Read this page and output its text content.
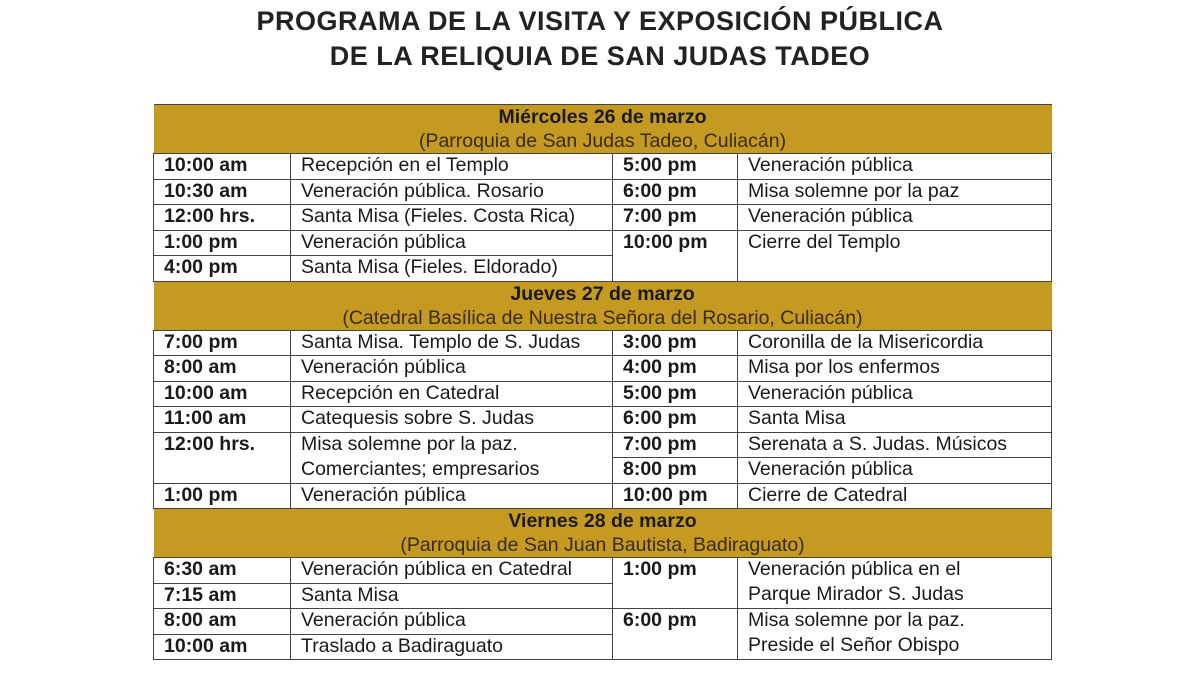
PROGRAMA DE LA VISITA Y EXPOSICIÓN PÚBLICA
DE LA RELIQUIA DE SAN JUDAS TADEO
Miércoles 26 de marzo
(Parroquia de San Judas Tadeo, Culiacán)			

10:00 am	Recepción en el Templo	5:00 pm	Veneración pública
10:30 am	Veneración pública. Rosario	6:00 pm	Misa solemne por la paz
12:00 hrs.	Santa Misa (Fieles. Costa Rica)	7:00 pm	Veneración pública
1:00 pm	Veneración pública	10:00 pm	Cierre del Templo
4:00 pm	Santa Misa (Fieles. Eldorado)		

Jueves 27 de marzo
(Catedral Basílica de Nuestra Señora del Rosario, Culiacán)			

7:00 pm	Santa Misa. Templo de S. Judas	3:00 pm	Coronilla de la Misericordia
8:00 am	Veneración pública	4:00 pm	Misa por los enfermos
10:00 am	Recepción en Catedral	5:00 pm	Veneración pública
11:00 am	Catequesis sobre S. Judas	6:00 pm	Santa Misa
12:00 hrs.	Misa solemne por la paz.	7:00 pm	Serenata a S. Judas. Músicos
	Comerciantes; empresarios	8:00 pm	Veneración pública
1:00 pm	Veneración pública	10:00 pm	Cierre de Catedral

Viernes 28 de marzo
(Parroquia de San Juan Bautista, Badiraguato)			

6:30 am	Veneración pública en Catedral	1:00 pm	Veneración pública en el
7:15 am	Santa Misa		Parque Mirador S. Judas
8:00 am	Veneración pública	6:00 pm	Misa solemne por la paz.
10:00 am	Traslado a Badiraguato		Preside el Señor Obispo
